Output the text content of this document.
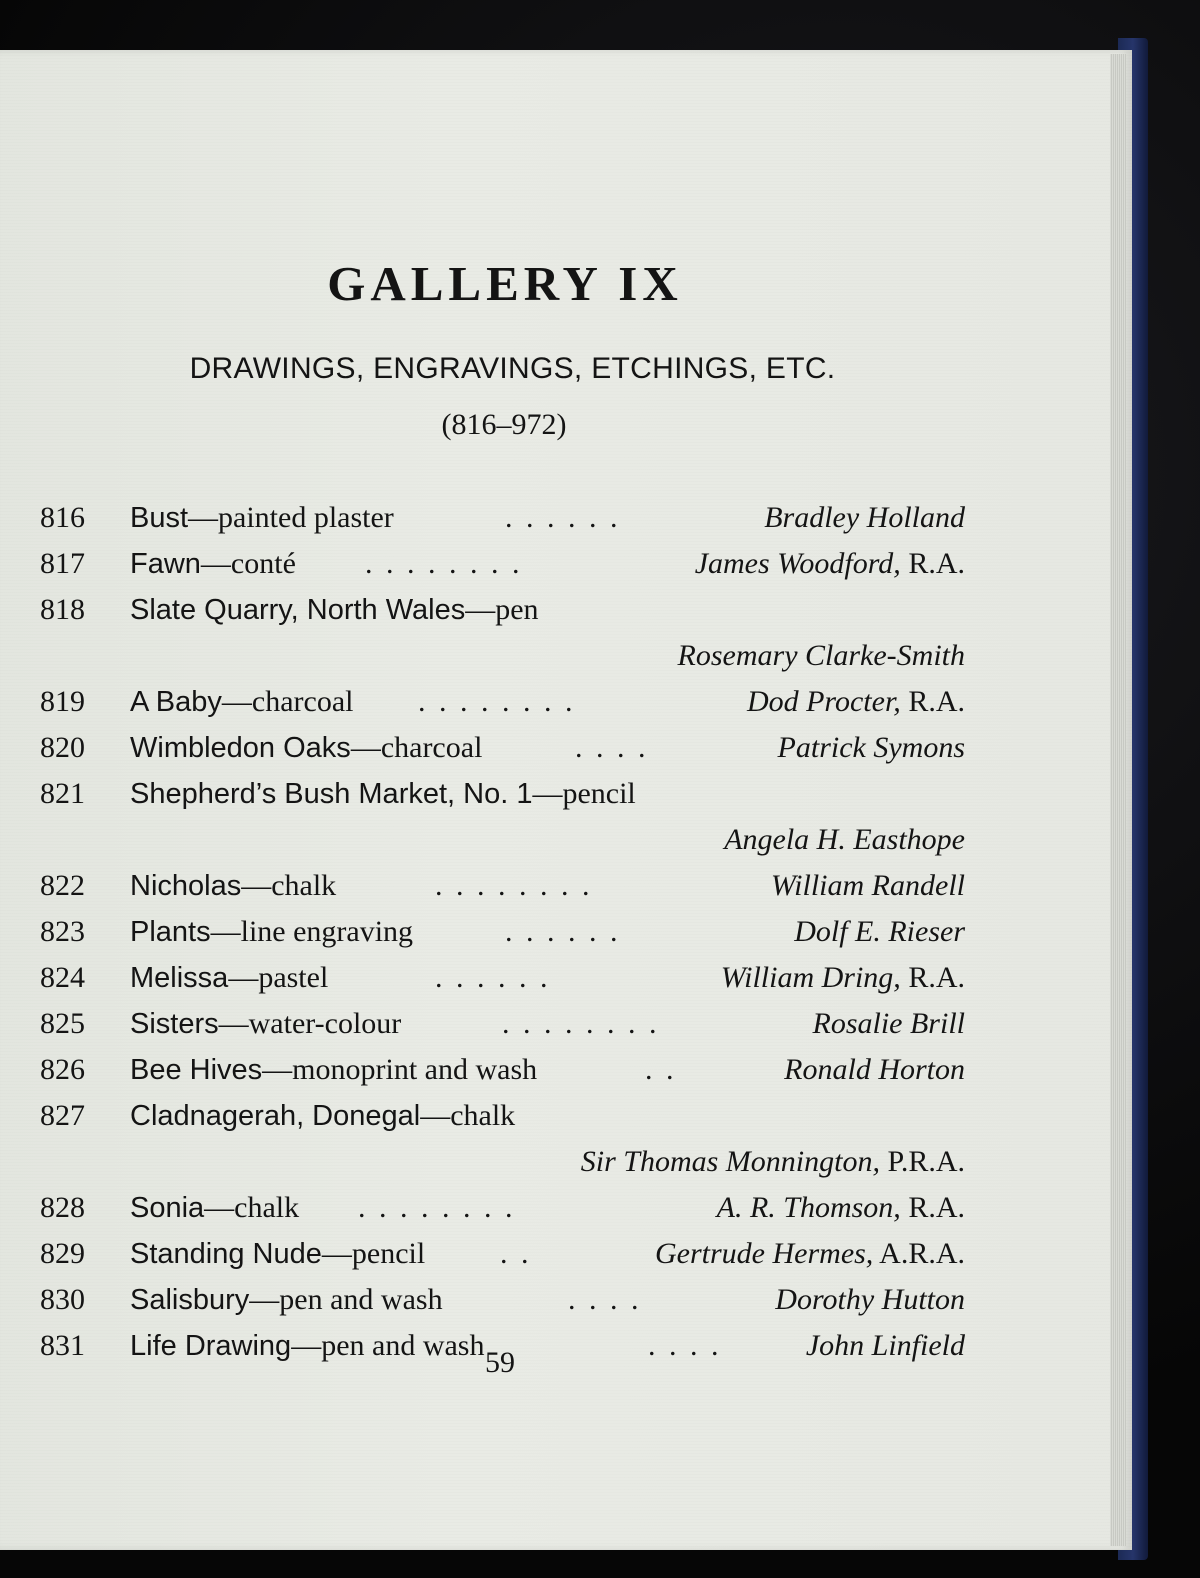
GALLERY IX
DRAWINGS, ENGRAVINGS, ETCHINGS, ETC.
(816–972)
816	Bust—painted plaster	. . . . . .	Bradley Holland
817	Fawn—conté . . . . . . . .	James Woodford, R.A.
818	Slate Quarry, North Wales—pen
Rosemary Clarke-Smith
819	A Baby—charcoal . . . . . . . .	Dod Procter, R.A.
820	Wimbledon Oaks—charcoal	. . . .	Patrick Symons
821	Shepherd’s Bush Market, No. 1—pencil
Angela H. Easthope
822	Nicholas—chalk	. . . . . . . .	William Randell
823	Plants—line engraving	. . . . . .	Dolf E. Rieser
824	Melissa—pastel	. . . . . .	William Dring, R.A.
825	Sisters—water-colour	. . . . . . . .	Rosalie Brill
826	Bee Hives—monoprint and wash	. .	Ronald Horton
827	Cladnagerah, Donegal—chalk
Sir Thomas Monnington, P.R.A.
828	Sonia—chalk . . . . . . . .	A. R. Thomson, R.A.
829	Standing Nude—pencil . .	Gertrude Hermes, A.R.A.
830	Salisbury—pen and wash	. . . .	Dorothy Hutton
831	Life Drawing—pen and wash	. . . .	John Linfield
59
